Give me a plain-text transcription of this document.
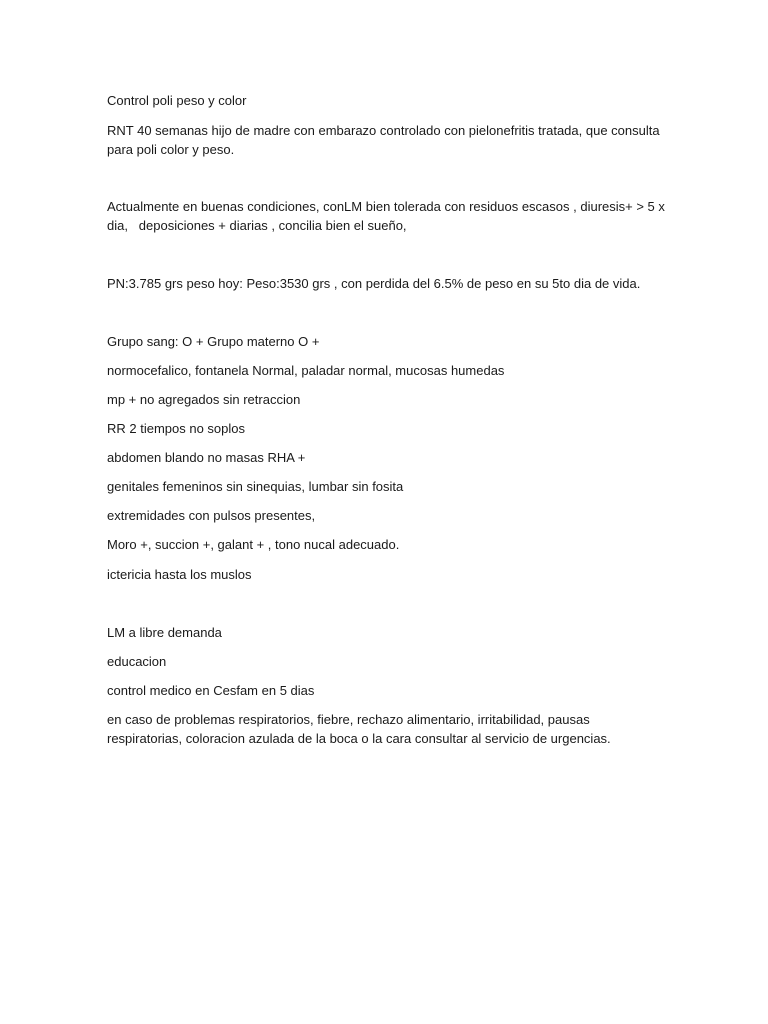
Control poli peso y color

RNT 40 semanas hijo de madre con embarazo controlado con pielonefritis tratada, que consulta para poli color y peso.

Actualmente en buenas condiciones, conLM bien tolerada con residuos escasos , diuresis+ > 5 x dia,   deposiciones + diarias , concilia bien el sueño,

PN:3.785 grs peso hoy: Peso:3530 grs , con perdida del 6.5% de peso en su 5to dia de vida.

Grupo sang: O + Grupo materno O +

normocefalico, fontanela Normal, paladar normal, mucosas humedas

mp + no agregados sin retraccion

RR 2 tiempos no soplos

abdomen blando no masas RHA +

genitales femeninos sin sinequias, lumbar sin fosita

extremidades con pulsos presentes,

Moro +, succion +, galant + , tono nucal adecuado.

ictericia hasta los muslos

LM a libre demanda

educacion

control medico en Cesfam en 5 dias

en caso de problemas respiratorios, fiebre, rechazo alimentario, irritabilidad, pausas respiratorias, coloracion azulada de la boca o la cara consultar al servicio de urgencias.
